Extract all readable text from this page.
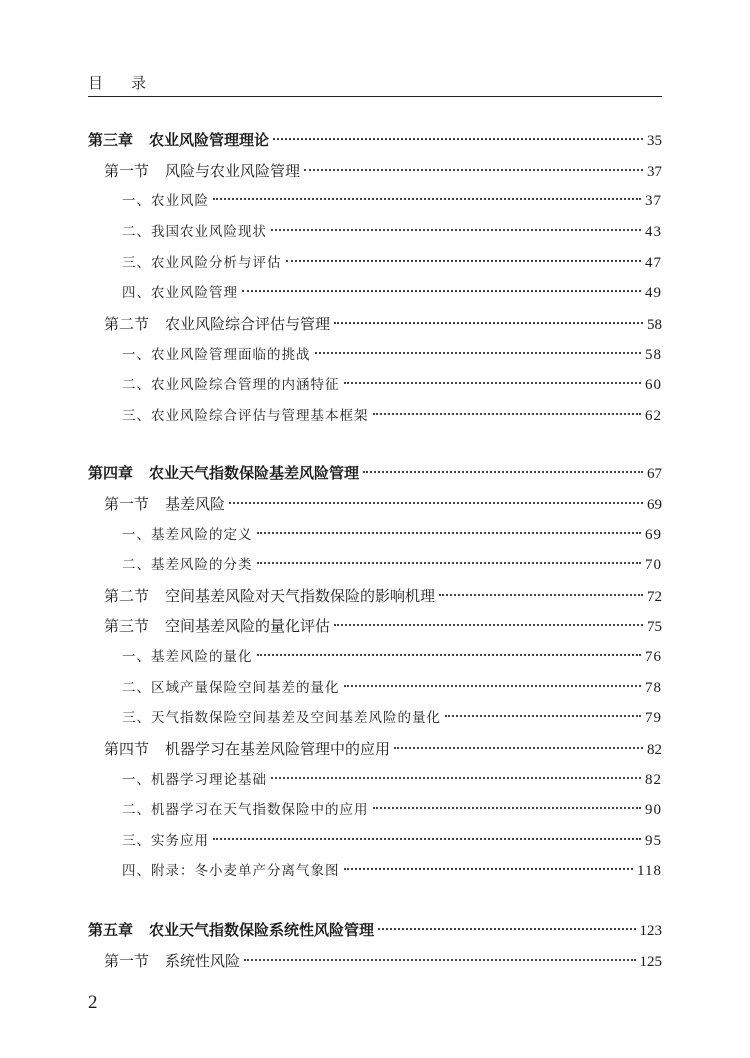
目 录
第三章 农业风险管理理论	35
第一节 风险与农业风险管理	37
一、农业风险	37
二、我国农业风险现状	43
三、农业风险分析与评估	47
四、农业风险管理	49
第二节 农业风险综合评估与管理	58
一、农业风险管理面临的挑战	58
二、农业风险综合管理的内涵特征	60
三、农业风险综合评估与管理基本框架	62
第四章 农业天气指数保险基差风险管理	67
第一节 基差风险	69
一、基差风险的定义	69
二、基差风险的分类	70
第二节 空间基差风险对天气指数保险的影响机理	72
第三节 空间基差风险的量化评估	75
一、基差风险的量化	76
二、区域产量保险空间基差的量化	78
三、天气指数保险空间基差及空间基差风险的量化	79
第四节 机器学习在基差风险管理中的应用	82
一、机器学习理论基础	82
二、机器学习在天气指数保险中的应用	90
三、实务应用	95
四、附录：冬小麦单产分离气象图	118
第五章 农业天气指数保险系统性风险管理	123
第一节 系统性风险	125
2
